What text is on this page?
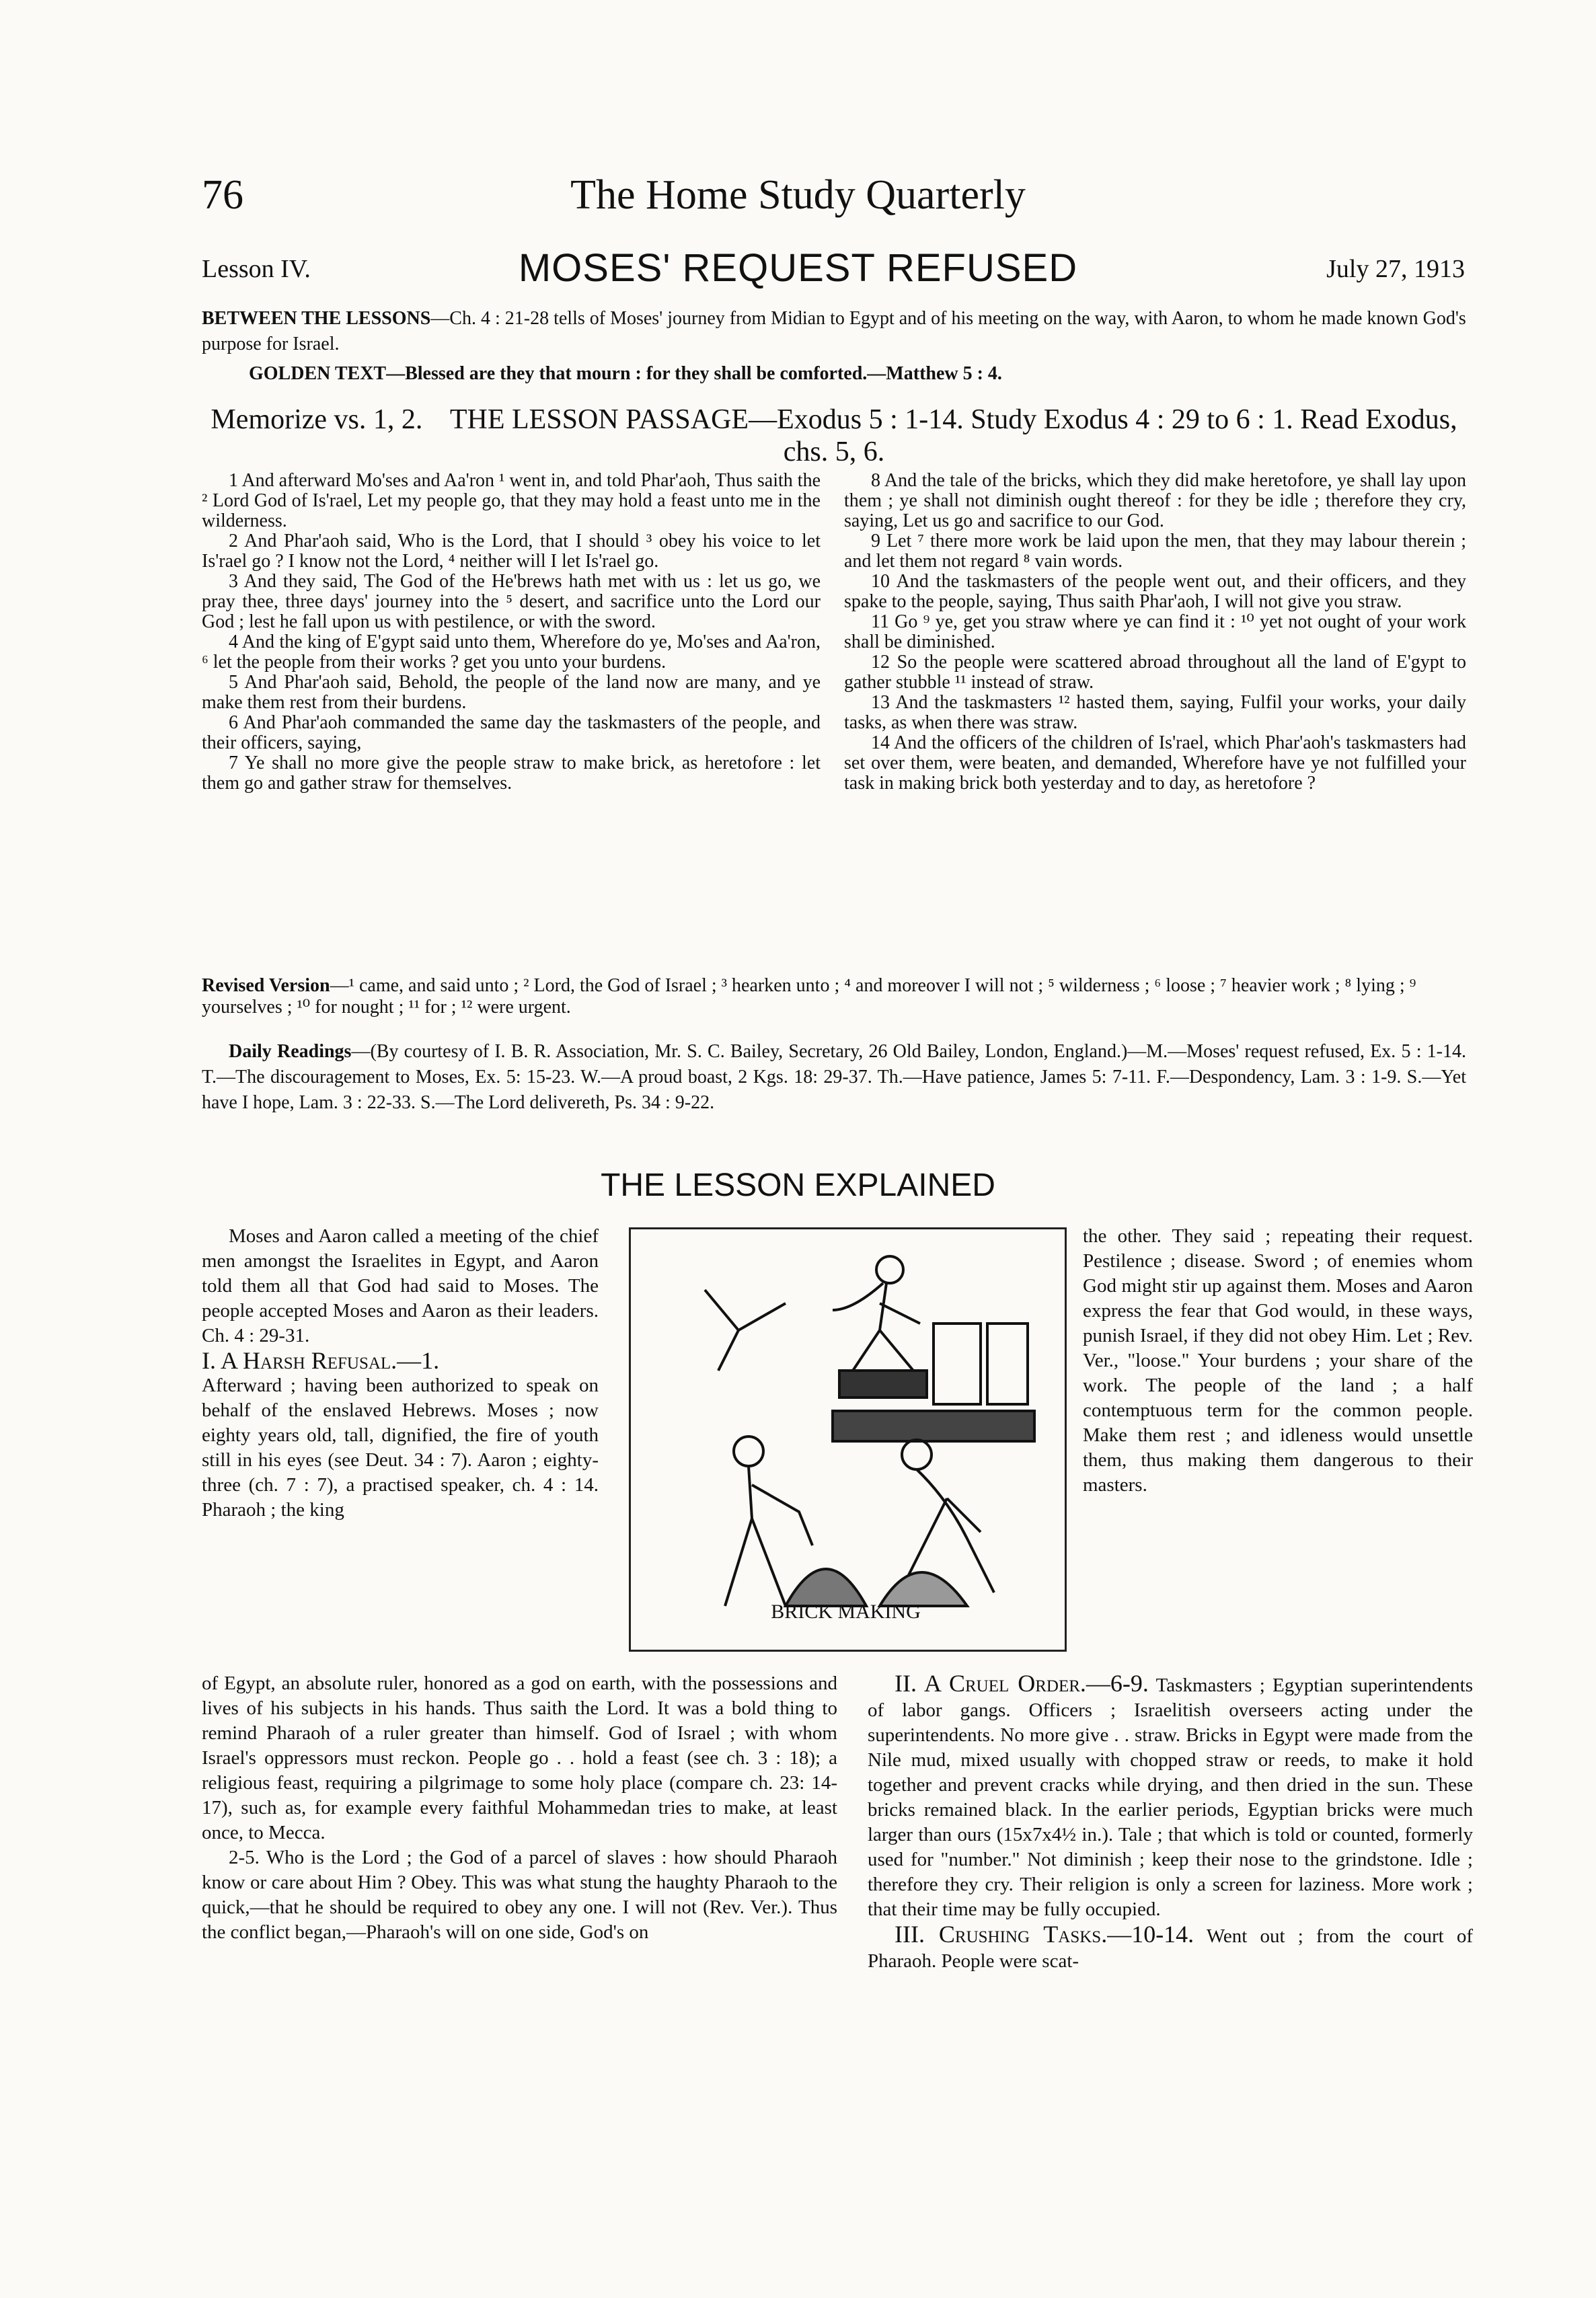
76	The Home Study Quarterly
Lesson IV.	MOSES' REQUEST REFUSED	July 27, 1913
BETWEEN THE LESSONS—Ch. 4 : 21-28 tells of Moses' journey from Midian to Egypt and of his meeting on the way, with Aaron, to whom he made known God's purpose for Israel.
GOLDEN TEXT—Blessed are they that mourn : for they shall be comforted.—Matthew 5 : 4.
Memorize vs. 1, 2. THE LESSON PASSAGE—Exodus 5 : 1-14. Study Exodus 4 : 29 to 6 : 1. Read Exodus, chs. 5, 6.

1 And afterward Mo'ses and Aa'ron ¹ went in, and told Phar'aoh, Thus saith the ² Lord God of Is'rael, Let my people go, that they may hold a feast unto me in the wilderness.

2 And Phar'aoh said, Who is the Lord, that I should ³ obey his voice to let Is'rael go ? I know not the Lord, ⁴ neither will I let Is'rael go.

3 And they said, The God of the He'brews hath met with us : let us go, we pray thee, three days' journey into the ⁵ desert, and sacrifice unto the Lord our God ; lest he fall upon us with pestilence, or with the sword.

4 And the king of E'gypt said unto them, Wherefore do ye, Mo'ses and Aa'ron, ⁶ let the people from their works ? get you unto your burdens.

5 And Phar'aoh said, Behold, the people of the land now are many, and ye make them rest from their burdens.

6 And Phar'aoh commanded the same day the taskmasters of the people, and their officers, saying,

7 Ye shall no more give the people straw to make brick, as heretofore : let them go and gather straw for themselves.

8 And the tale of the bricks, which they did make heretofore, ye shall lay upon them ; ye shall not diminish ought thereof : for they be idle ; therefore they cry, saying, Let us go and sacrifice to our God.

9 Let ⁷ there more work be laid upon the men, that they may labour therein ; and let them not regard ⁸ vain words.

10 And the taskmasters of the people went out, and their officers, and they spake to the people, saying, Thus saith Phar'aoh, I will not give you straw.

11 Go ⁹ ye, get you straw where ye can find it : ¹⁰ yet not ought of your work shall be diminished.

12 So the people were scattered abroad throughout all the land of E'gypt to gather stubble ¹¹ instead of straw.

13 And the taskmasters ¹² hasted them, saying, Fulfil your works, your daily tasks, as when there was straw.

14 And the officers of the children of Is'rael, which Phar'aoh's taskmasters had set over them, were beaten, and demanded, Wherefore have ye not fulfilled your task in making brick both yesterday and to day, as heretofore ?

Revised Version—¹ came, and said unto ; ² Lord, the God of Israel ; ³ hearken unto ; ⁴ and moreover I will not ; ⁵ wilderness ; ⁶ loose ; ⁷ heavier work ; ⁸ lying ; ⁹ yourselves ; ¹⁰ for nought ; ¹¹ for ; ¹² were urgent.
Daily Readings—(By courtesy of I. B. R. Association, Mr. S. C. Bailey, Secretary, 26 Old Bailey, London, England.)—M.—Moses' request refused, Ex. 5 : 1-14. T.—The discouragement to Moses, Ex. 5: 15-23. W.—A proud boast, 2 Kgs. 18: 29-37. Th.—Have patience, James 5: 7-11. F.—Despondency, Lam. 3 : 1-9. S.—Yet have I hope, Lam. 3 : 22-33. S.—The Lord delivereth, Ps. 34 : 9-22.
THE LESSON EXPLAINED

Moses and Aaron called a meeting of the chief men amongst the Israelites in Egypt, and Aaron told them all that God had said to Moses. The people accepted Moses and Aaron as their leaders. Ch. 4 : 29-31.

I. A Harsh Refusal.—1.

Afterward ; having been authorized to speak on behalf of the enslaved Hebrews. Moses ; now eighty years old, tall, dignified, the fire of youth still in his eyes (see Deut. 34 : 7). Aaron ; eighty-three (ch. 7 : 7), a practised speaker, ch. 4 : 14. Pharaoh ; the king

BRICK MAKING

the other. They said ; repeating their request. Pestilence ; disease. Sword ; of enemies whom God might stir up against them. Moses and Aaron express the fear that God would, in these ways, punish Israel, if they did not obey Him. Let ; Rev. Ver., "loose." Your burdens ; your share of the work. The people of the land ; a half contemptuous term for the common people. Make them rest ; and idleness would unsettle them, thus making them dangerous to their masters.

of Egypt, an absolute ruler, honored as a god on earth, with the possessions and lives of his subjects in his hands. Thus saith the Lord. It was a bold thing to remind Pharaoh of a ruler greater than himself. God of Israel ; with whom Israel's oppressors must reckon. People go . . hold a feast (see ch. 3 : 18); a religious feast, requiring a pilgrimage to some holy place (compare ch. 23: 14-17), such as, for example every faithful Mohammedan tries to make, at least once, to Mecca.

2-5. Who is the Lord ; the God of a parcel of slaves : how should Pharaoh know or care about Him ? Obey. This was what stung the haughty Pharaoh to the quick,—that he should be required to obey any one. I will not (Rev. Ver.). Thus the conflict began,—Pharaoh's will on one side, God's on

II. A Cruel Order.—6-9. Taskmasters ; Egyptian superintendents of labor gangs. Officers ; Israelitish overseers acting under the superintendents. No more give . . straw. Bricks in Egypt were made from the Nile mud, mixed usually with chopped straw or reeds, to make it hold together and prevent cracks while drying, and then dried in the sun. These bricks remained black. In the earlier periods, Egyptian bricks were much larger than ours (15x7x4½ in.). Tale ; that which is told or counted, formerly used for "number." Not diminish ; keep their nose to the grindstone. Idle ; therefore they cry. Their religion is only a screen for laziness. More work ; that their time may be fully occupied.

III. Crushing Tasks.—10-14. Went out ; from the court of Pharaoh. People were scat-
